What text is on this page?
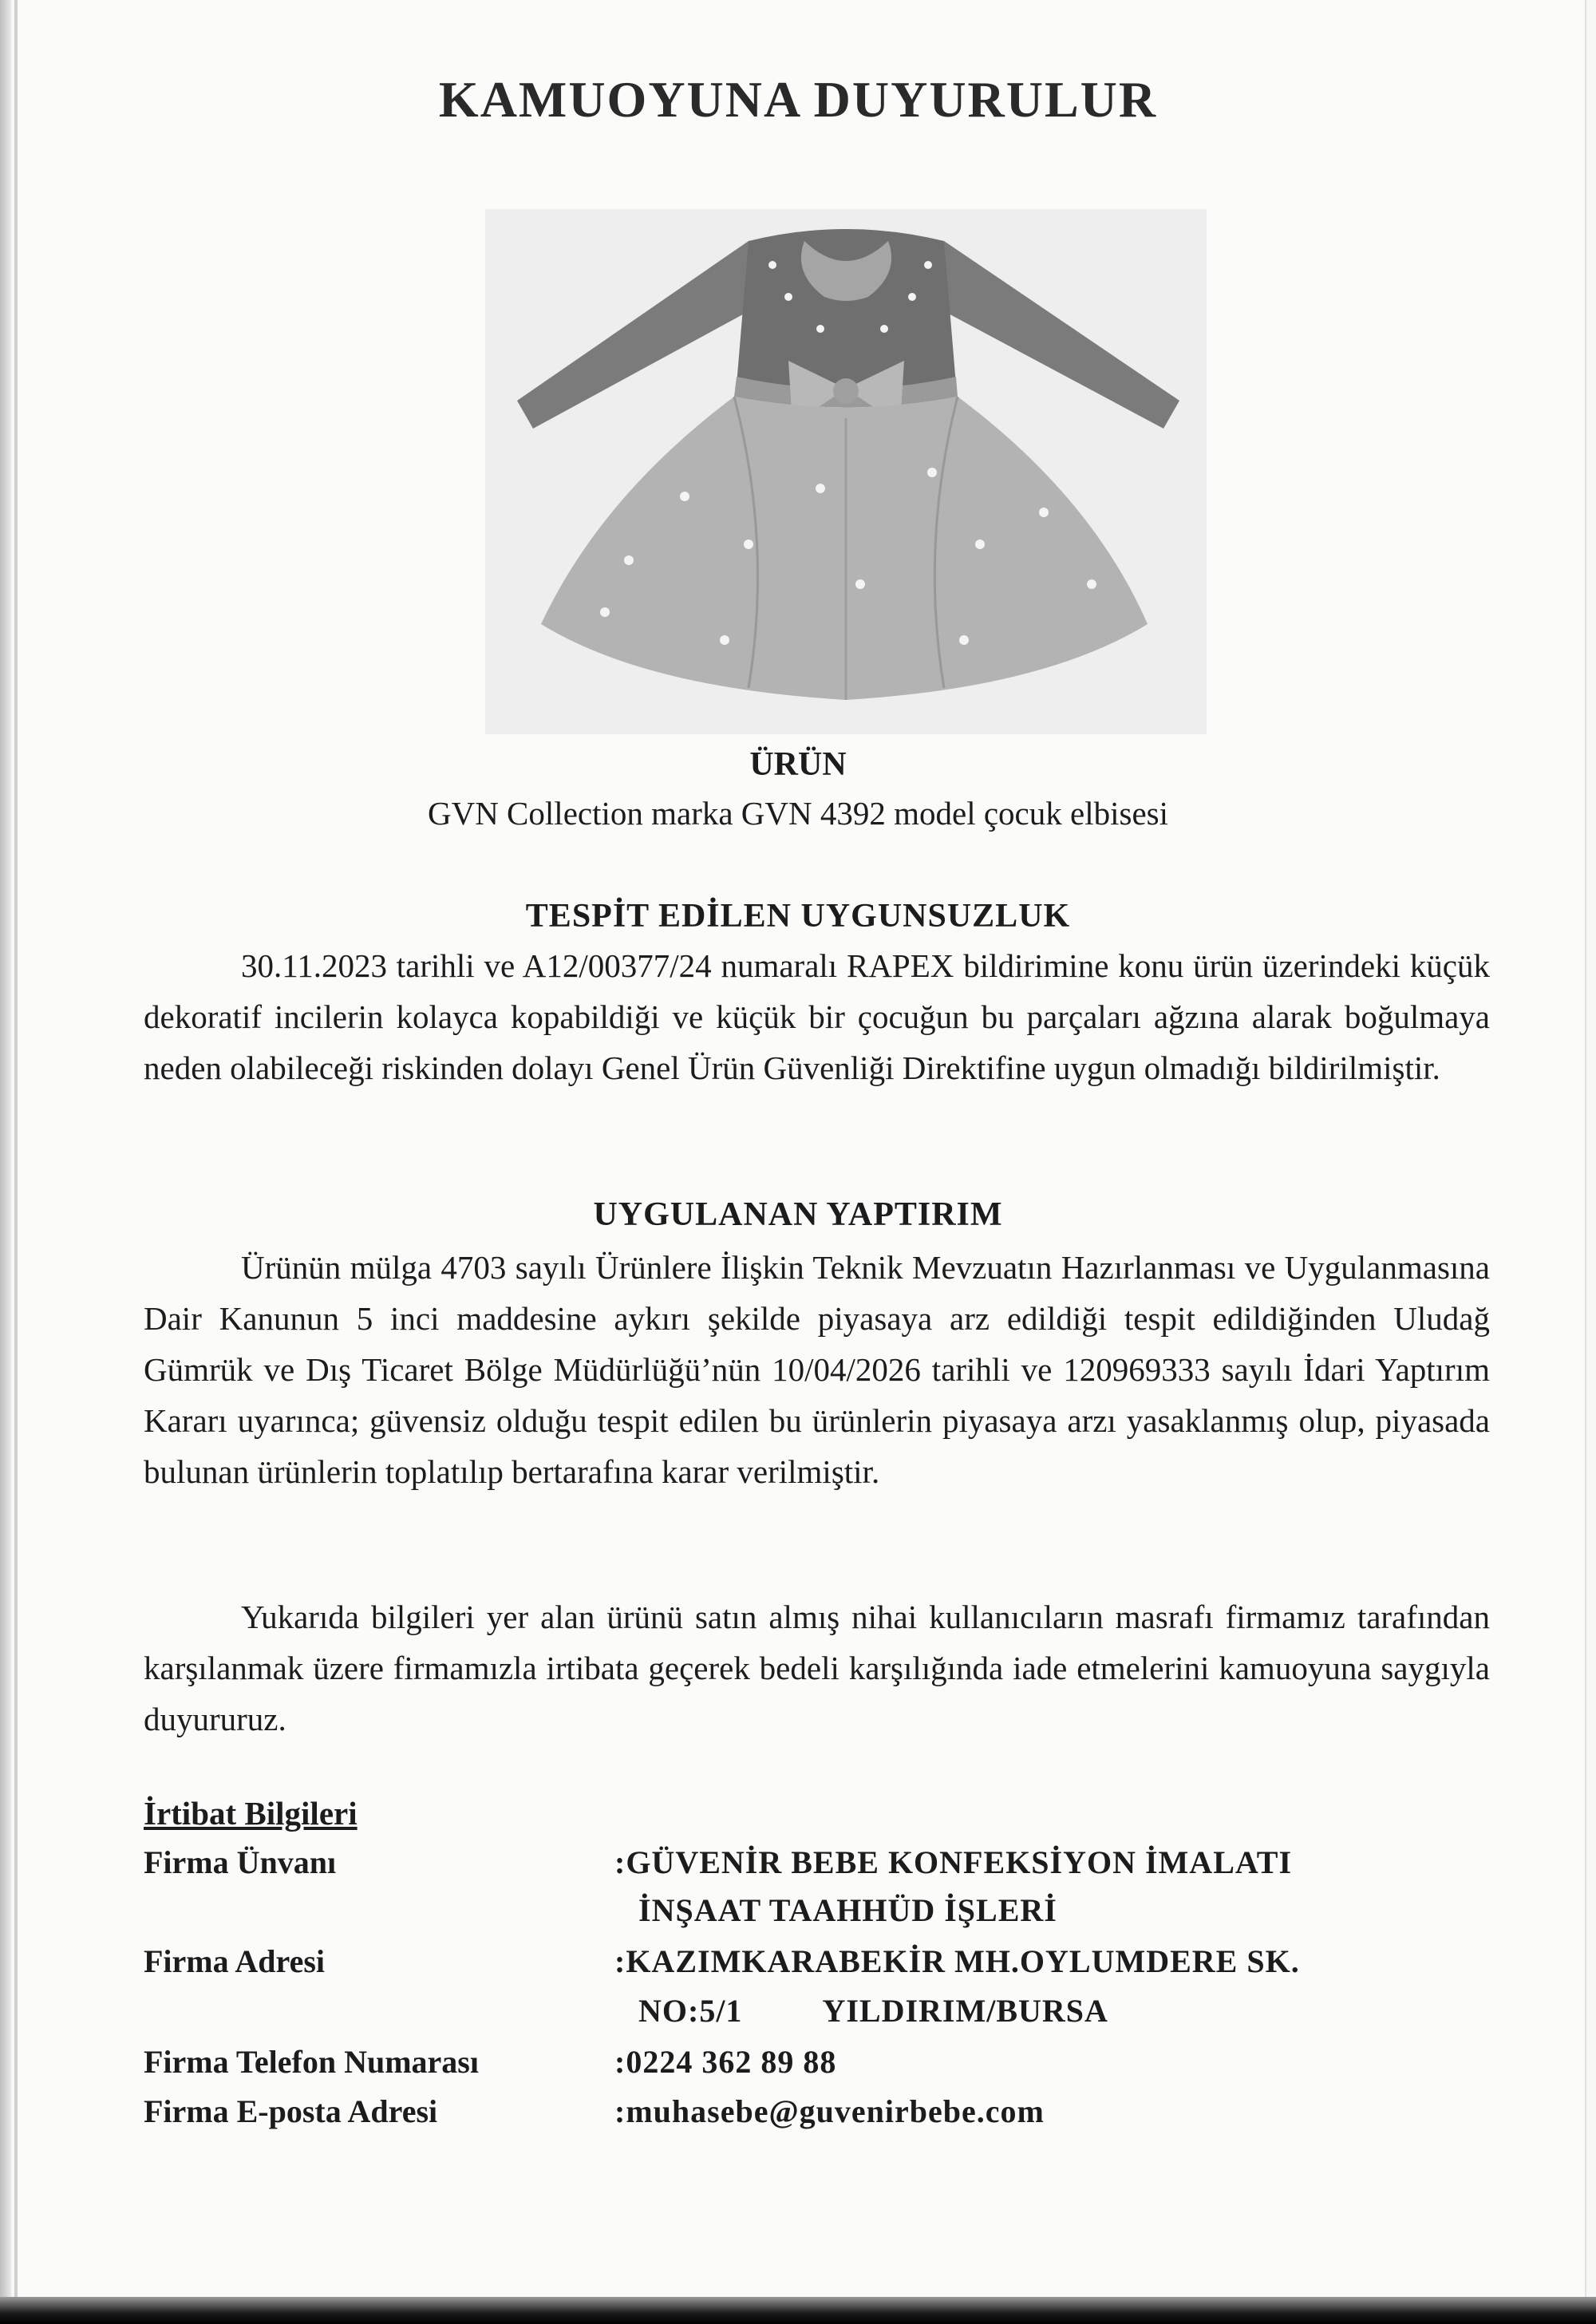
KAMUOYUNA DUYURULUR
ÜRÜN
GVN Collection marka GVN 4392 model çocuk elbisesi
TESPİT EDİLEN UYGUNSUZLUK
30.11.2023 tarihli ve A12/00377/24 numaralı RAPEX bildirimine konu ürün üzerindeki küçük dekoratif incilerin kolayca kopabildiği ve küçük bir çocuğun bu parçaları ağzına alarak boğulmaya neden olabileceği riskinden dolayı Genel Ürün Güvenliği Direktifine uygun olmadığı bildirilmiştir.
UYGULANAN YAPTIRIM
Ürünün mülga 4703 sayılı Ürünlere İlişkin Teknik Mevzuatın Hazırlanması ve Uygulanmasına Dair Kanunun 5 inci maddesine aykırı şekilde piyasaya arz edildiği tespit edildiğinden Uludağ Gümrük ve Dış Ticaret Bölge Müdürlüğü’nün 10/04/2026 tarihli ve 120969333 sayılı İdari Yaptırım Kararı uyarınca; güvensiz olduğu tespit edilen bu ürünlerin piyasaya arzı yasaklanmış olup, piyasada bulunan ürünlerin toplatılıp bertarafına karar verilmiştir.
Yukarıda bilgileri yer alan ürünü satın almış nihai kullanıcıların masrafı firmamız tarafından karşılanmak üzere firmamızla irtibata geçerek bedeli karşılığında iade etmelerini kamuoyuna saygıyla duyururuz.
İrtibat Bilgileri
Firma Ünvanı	:GÜVENİR BEBE KONFEKSİYON İMALATI
İNŞAAT TAAHHÜD İŞLERİ
Firma Adresi	:KAZIMKARABEKİR MH.OYLUMDERE SK.
NO:5/1	YILDIRIM/BURSA
Firma Telefon Numarası	:0224 362 89 88
Firma E-posta Adresi	:muhasebe@guvenirbebe.com
